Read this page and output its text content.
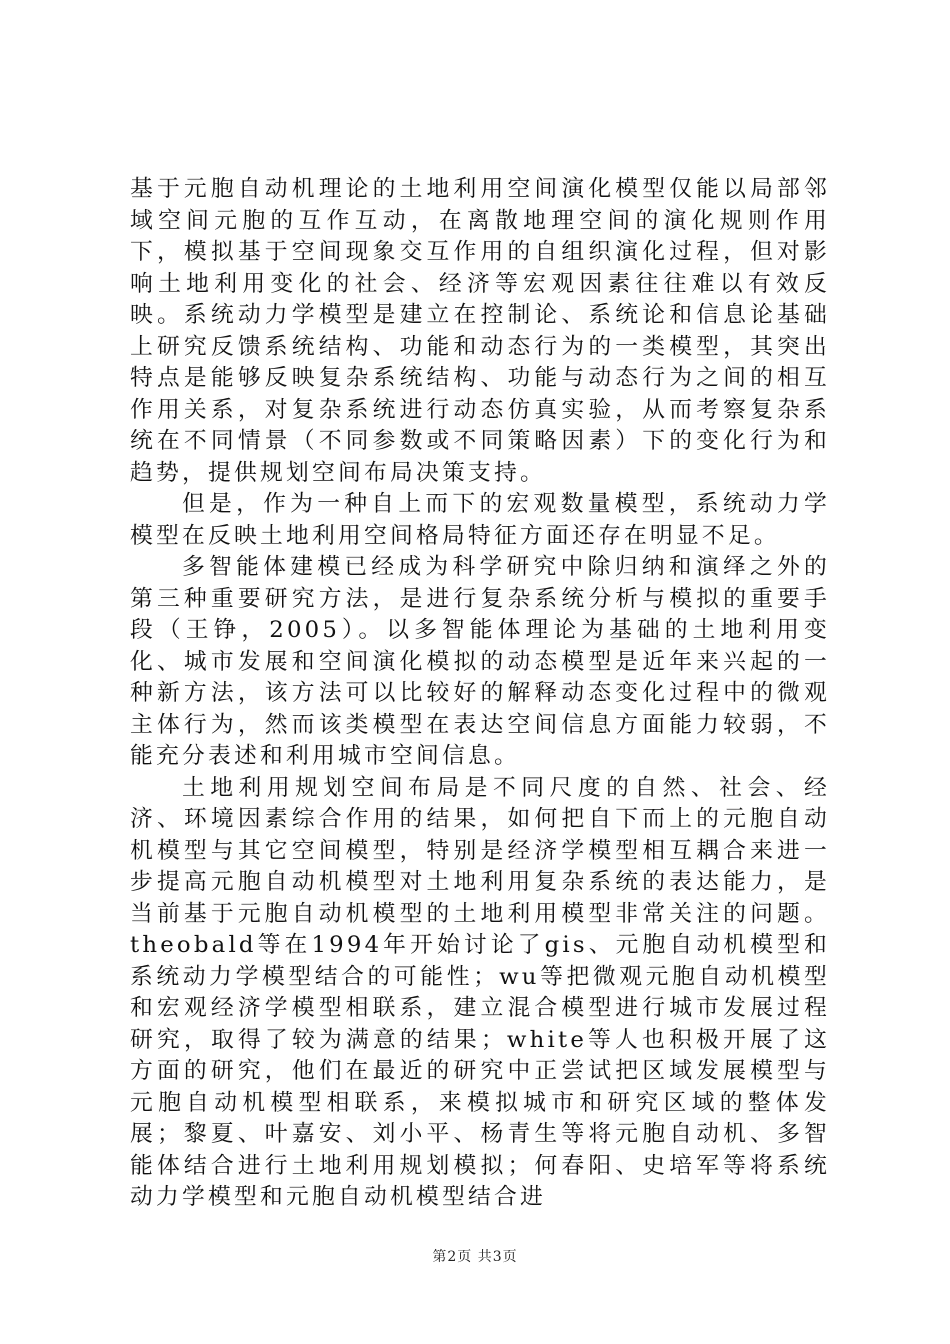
基于元胞自动机理论的土地利用空间演化模型仅能以局部邻域空间元胞的互作互动，在离散地理空间的演化规则作用下，模拟基于空间现象交互作用的自组织演化过程，但对影响土地利用变化的社会、经济等宏观因素往往难以有效反映。系统动力学模型是建立在控制论、系统论和信息论基础上研究反馈系统结构、功能和动态行为的一类模型，其突出特点是能够反映复杂系统结构、功能与动态行为之间的相互作用关系，对复杂系统进行动态仿真实验，从而考察复杂系统在不同情景（不同参数或不同策略因素）下的变化行为和趋势，提供规划空间布局决策支持。

但是，作为一种自上而下的宏观数量模型，系统动力学模型在反映土地利用空间格局特征方面还存在明显不足。

多智能体建模已经成为科学研究中除归纳和演绎之外的第三种重要研究方法，是进行复杂系统分析与模拟的重要手段（王铮，2005）。以多智能体理论为基础的土地利用变化、城市发展和空间演化模拟的动态模型是近年来兴起的一种新方法，该方法可以比较好的解释动态变化过程中的微观主体行为，然而该类模型在表达空间信息方面能力较弱，不能充分表述和利用城市空间信息。

土地利用规划空间布局是不同尺度的自然、社会、经济、环境因素综合作用的结果，如何把自下而上的元胞自动机模型与其它空间模型，特别是经济学模型相互耦合来进一步提高元胞自动机模型对土地利用复杂系统的表达能力，是当前基于元胞自动机模型的土地利用模型非常关注的问题。theobald等在1994年开始讨论了gis、元胞自动机模型和系统动力学模型结合的可能性；wu等把微观元胞自动机模型和宏观经济学模型相联系，建立混合模型进行城市发展过程研究，取得了较为满意的结果；white等人也积极开展了这方面的研究，他们在最近的研究中正尝试把区域发展模型与元胞自动机模型相联系，来模拟城市和研究区域的整体发展；黎夏、叶嘉安、刘小平、杨青生等将元胞自动机、多智能体结合进行土地利用规划模拟；何春阳、史培军等将系统动力学模型和元胞自动机模型结合进

第2页 共3页
